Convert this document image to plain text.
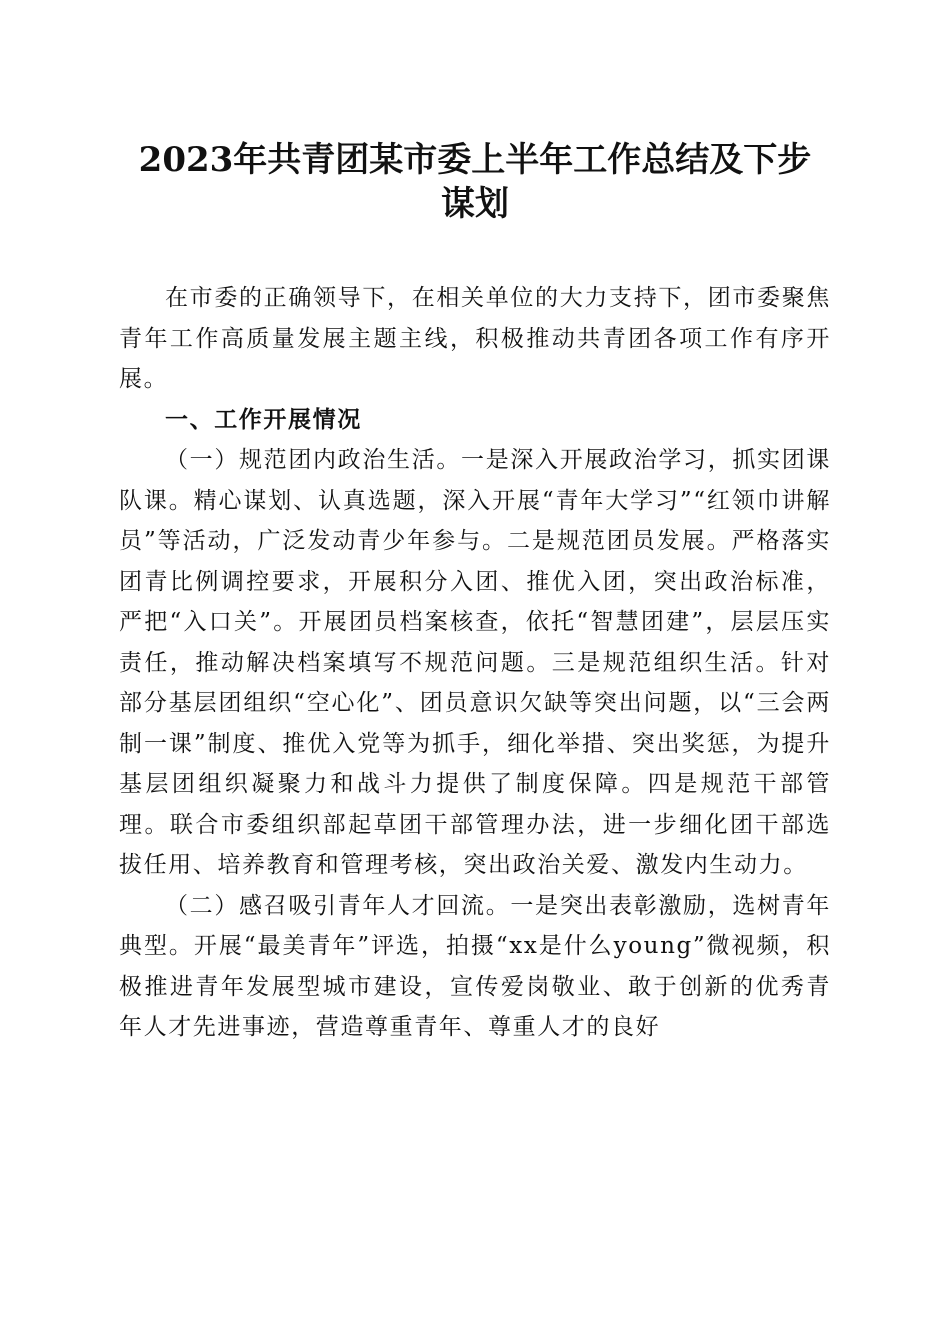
2023年共青团某市委上半年工作总结及下步
谋划

在市委的正确领导下，在相关单位的大力支持下，团市委聚焦青年工作高质量发展主题主线，积极推动共青团各项工作有序开展。

一、工作开展情况

（一）规范团内政治生活。一是深入开展政治学习，抓实团课队课。精心谋划、认真选题，深入开展“青年大学习”“红领巾讲解员”等活动，广泛发动青少年参与。二是规范团员发展。严格落实团青比例调控要求，开展积分入团、推优入团，突出政治标准，严把“入口关”。开展团员档案核查，依托“智慧团建”，层层压实责任，推动解决档案填写不规范问题。三是规范组织生活。针对部分基层团组织“空心化”、团员意识欠缺等突出问题，以“三会两制一课”制度、推优入党等为抓手，细化举措、突出奖惩，为提升基层团组织凝聚力和战斗力提供了制度保障。四是规范干部管理。联合市委组织部起草团干部管理办法，进一步细化团干部选拔任用、培养教育和管理考核，突出政治关爱、激发内生动力。

（二）感召吸引青年人才回流。一是突出表彰激励，选树青年典型。开展“最美青年”评选，拍摄“xx是什么young”微视频，积极推进青年发展型城市建设，宣传爱岗敬业、敢于创新的优秀青年人才先进事迹，营造尊重青年、尊重人才的良好
